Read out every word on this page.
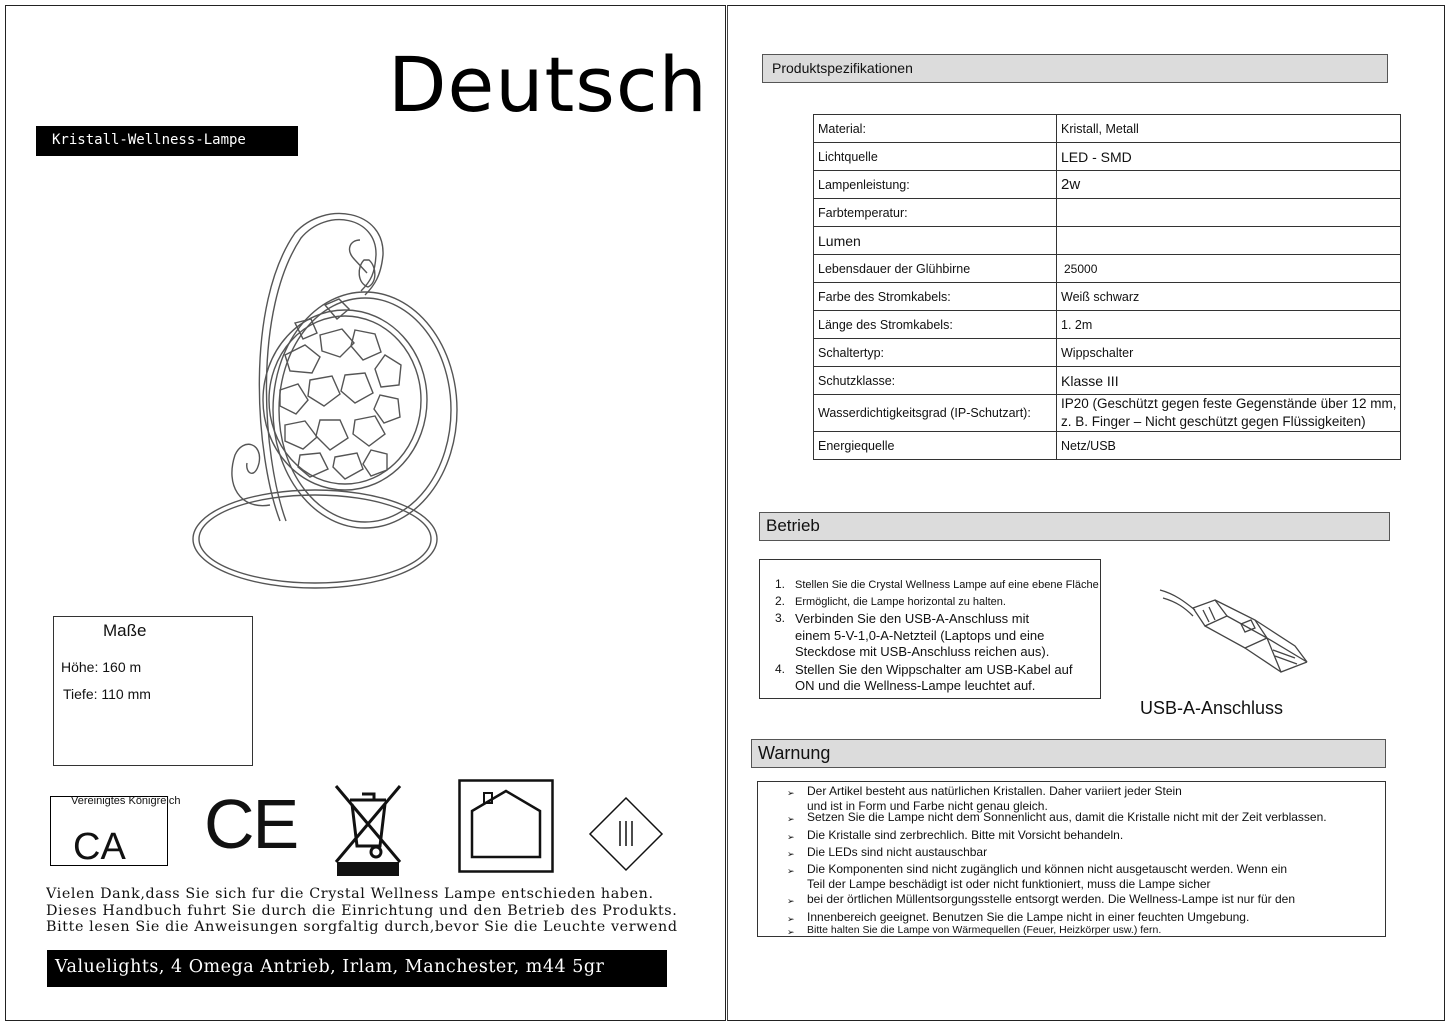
Deutsch
Kristall-Wellness-Lampe
Maße
Höhe: 160 m
Tiefe: 110 mm
Vereinigtes Königreich
CA CE
Vielen Dank,dass Sie sich fur die Crystal Wellness Lampe entschieden haben.
Dieses Handbuch fuhrt Sie durch die Einrichtung und den Betrieb des Produkts.
Bitte lesen Sie die Anweisungen sorgfaltig durch,bevor Sie die Leuchte verwend
Valuelights, 4 Omega Antrieb, Irlam, Manchester, m44 5gr
Produktspezifikationen
Material:	Kristall, Metall
Lichtquelle	LED - SMD
Lampenleistung:	2w
Farbtemperatur:	
Lumen	
Lebensdauer der Glühbirne	25000
Farbe des Stromkabels:	Weiß schwarz
Länge des Stromkabels:	1. 2m
Schaltertyp:	Wippschalter
Schutzklasse:	Klasse III
Wasserdichtigkeitsgrad (IP-Schutzart):	IP20 (Geschützt gegen feste Gegenstände über 12 mm,
z. B. Finger – Nicht geschützt gegen Flüssigkeiten)

Energiequelle	Netz/USB
Betrieb
1. Stellen Sie die Crystal Wellness Lampe auf eine ebene Fläche
2. Ermöglicht, die Lampe horizontal zu halten.
3. Verbinden Sie den USB-A-Anschluss mit
einem 5-V-1,0-A-Netzteil (Laptops und eine
Steckdose mit USB-Anschluss reichen aus).
4. Stellen Sie den Wippschalter am USB-Kabel auf
ON und die Wellness-Lampe leuchtet auf.
USB-A-Anschluss
Warnung
➢	Der Artikel besteht aus natürlichen Kristallen. Daher variiert jeder Stein
und ist in Form und Farbe nicht genau gleich.
➢	Setzen Sie die Lampe nicht dem Sonnenlicht aus, damit die Kristalle nicht mit der Zeit verblassen.
➢	Die Kristalle sind zerbrechlich. Bitte mit Vorsicht behandeln.
➢	Die LEDs sind nicht austauschbar
➢	Die Komponenten sind nicht zugänglich und können nicht ausgetauscht werden. Wenn ein
Teil der Lampe beschädigt ist oder nicht funktioniert, muss die Lampe sicher
➢	bei der örtlichen Müllentsorgungsstelle entsorgt werden. Die Wellness-Lampe ist nur für den
➢	Innenbereich geeignet. Benutzen Sie die Lampe nicht in einer feuchten Umgebung.
➢	Bitte halten Sie die Lampe von Wärmequellen (Feuer, Heizkörper usw.) fern.
